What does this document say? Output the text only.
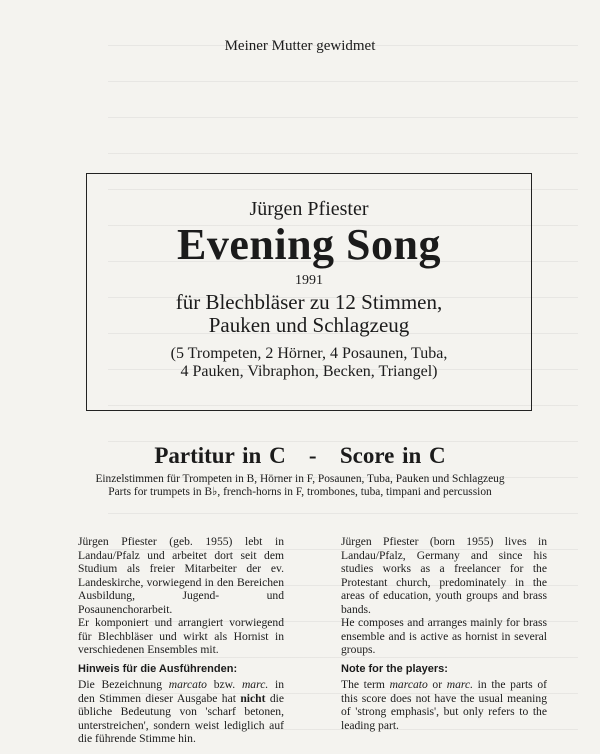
Meiner Mutter gewidmet
Jürgen Pfiester
Evening Song
1991
für Blechbläser zu 12 Stimmen,
Pauken und Schlagzeug
(5 Trompeten, 2 Hörner, 4 Posaunen, Tuba,
4 Pauken, Vibraphon, Becken, Triangel)
Partitur in C   -   Score in C
Einzelstimmen für Trompeten in B, Hörner in F, Posaunen, Tuba, Pauken und Schlagzeug
Parts for trumpets in B♭, french-horns in F, trombones, tuba, timpani and percussion

Jürgen Pfiester (geb. 1955) lebt in Landau/Pfalz und arbeitet dort seit dem Studium als freier Mitarbeiter der ev. Landeskirche, vorwiegend in den Bereichen Ausbildung, Jugend- und Posaunenchorarbeit.

Er komponiert und arrangiert vorwiegend für Blechbläser und wirkt als Hornist in verschiedenen Ensembles mit.

Hinweis für die Ausführenden:

Die Bezeichnung marcato bzw. marc. in den Stimmen dieser Ausgabe hat nicht die übliche Bedeutung von 'scharf betonen, unterstreichen', sondern weist lediglich auf die führende Stimme hin.

Jürgen Pfiester (born 1955) lives in Landau/Pfalz, Germany and since his studies works as a freelancer for the Protestant church, predominately in the areas of education, youth groups and brass bands.

He composes and arranges mainly for brass ensemble and is active as hornist in several groups.

Note for the players:

The term marcato or marc. in the parts of this score does not have the usual meaning of 'strong emphasis', but only refers to the leading part.
